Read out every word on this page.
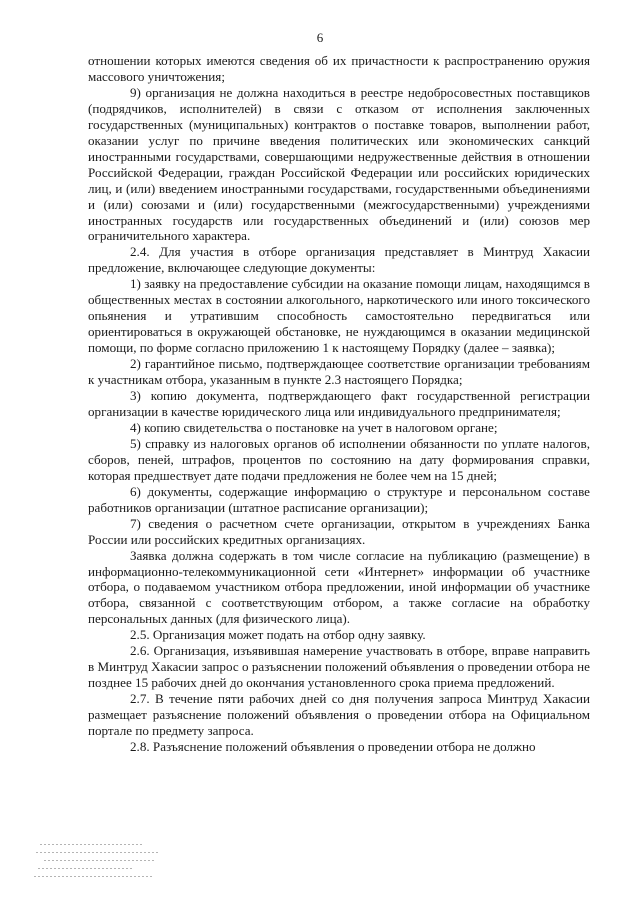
6

отношении которых имеются сведения об их причастности к распространению оружия массового уничтожения;

9) организация не должна находиться в реестре недобросовестных поставщиков (подрядчиков, исполнителей) в связи с отказом от исполнения заключенных государственных (муниципальных) контрактов о поставке товаров, выполнении работ, оказании услуг по причине введения политических или экономических санкций иностранными государствами, совершающими недружественные действия в отношении Российской Федерации, граждан Российской Федерации или российских юридических лиц, и (или) введением иностранными государствами, государственными объединениями и (или) союзами и (или) государственными (межгосударственными) учреждениями иностранных государств или государственных объединений и (или) союзов мер ограничительного характера.

2.4. Для участия в отборе организация представляет в Минтруд Хакасии предложение, включающее следующие документы:

1) заявку на предоставление субсидии на оказание помощи лицам, находящимся в общественных местах в состоянии алкогольного, наркотического или иного токсического опьянения и утратившим способность самостоятельно передвигаться или ориентироваться в окружающей обстановке, не нуждающимся в оказании медицинской помощи, по форме согласно приложению 1 к настоящему Порядку (далее – заявка);

2) гарантийное письмо, подтверждающее соответствие организации требованиям к участникам отбора, указанным в пункте 2.3 настоящего Порядка;

3) копию документа, подтверждающего факт государственной регистрации организации в качестве юридического лица или индивидуального предпринимателя;

4) копию свидетельства о постановке на учет в налоговом органе;

5) справку из налоговых органов об исполнении обязанности по уплате налогов, сборов, пеней, штрафов, процентов по состоянию на дату формирования справки, которая предшествует дате подачи предложения не более чем на 15 дней;

6) документы, содержащие информацию о структуре и персональном составе работников организации (штатное расписание организации);

7) сведения о расчетном счете организации, открытом в учреждениях Банка России или российских кредитных организациях.

Заявка должна содержать в том числе согласие на публикацию (размещение) в информационно-телекоммуникационной сети «Интернет» информации об участнике отбора, о подаваемом участником отбора предложении, иной информации об участнике отбора, связанной с соответствующим отбором, а также согласие на обработку персональных данных (для физического лица).

2.5. Организация может подать на отбор одну заявку.

2.6. Организация, изъявившая намерение участвовать в отборе, вправе направить в Минтруд Хакасии запрос о разъяснении положений объявления о проведении отбора не позднее 15 рабочих дней до окончания установленного срока приема предложений.

2.7. В течение пяти рабочих дней со дня получения запроса Минтруд Хакасии размещает разъяснение положений объявления о проведении отбора на Официальном портале по предмету запроса.

2.8. Разъяснение положений объявления о проведении отбора не должно
